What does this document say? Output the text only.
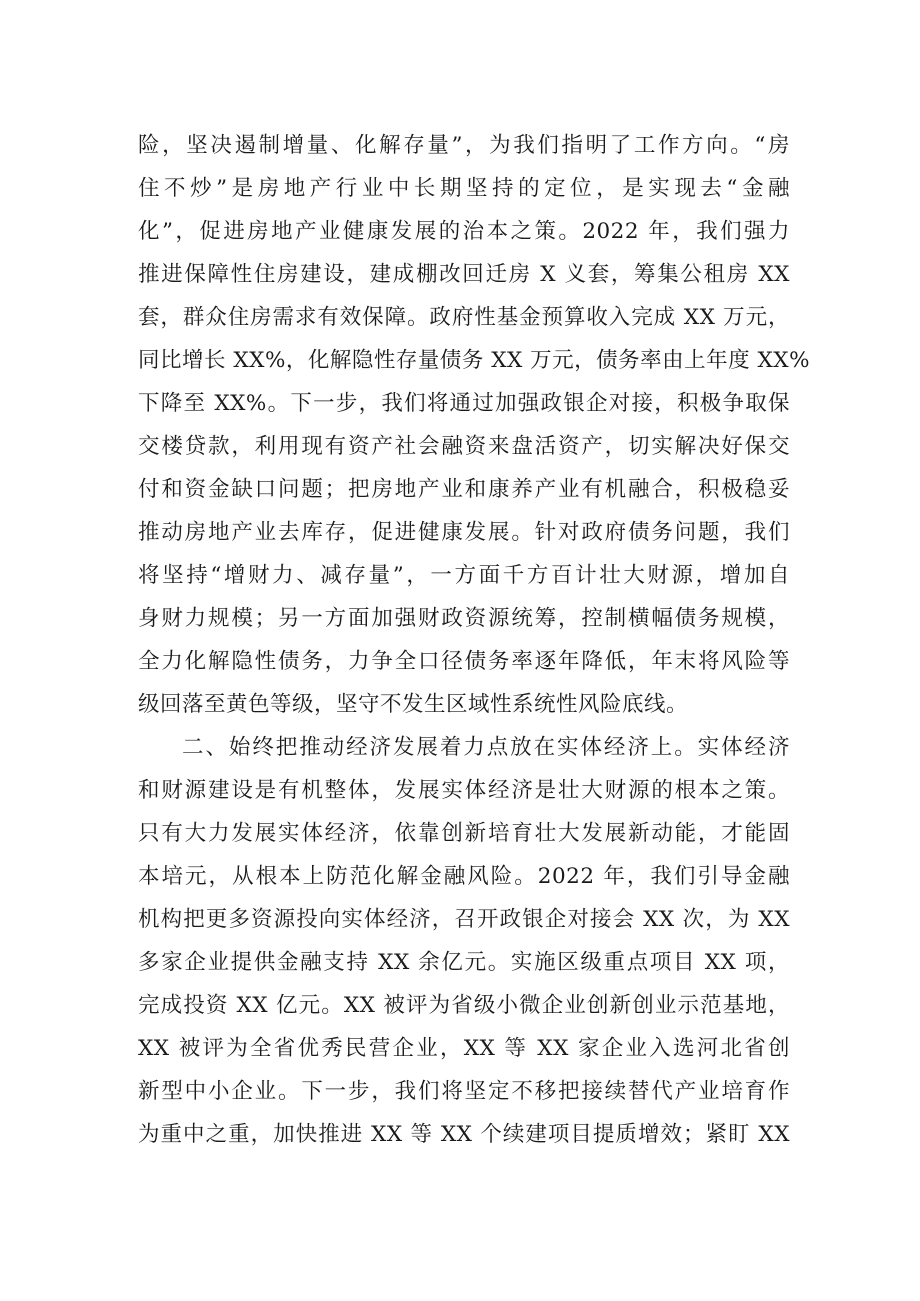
险，坚决遏制增量、化解存量”，为我们指明了工作方向。“房
住不炒”是房地产行业中长期坚持的定位，是实现去“金融
化”，促进房地产业健康发展的治本之策。2022 年，我们强力
推进保障性住房建设，建成棚改回迁房 X 义套，筹集公租房 XX
套，群众住房需求有效保障。政府性基金预算收入完成 XX 万元，
同比增长 XX%，化解隐性存量债务 XX 万元，债务率由上年度 XX%
下降至 XX%。下一步，我们将通过加强政银企对接，积极争取保
交楼贷款，利用现有资产社会融资来盘活资产，切实解决好保交
付和资金缺口问题；把房地产业和康养产业有机融合，积极稳妥
推动房地产业去库存，促进健康发展。针对政府债务问题，我们
将坚持“增财力、减存量”，一方面千方百计壮大财源，增加自
身财力规模；另一方面加强财政资源统筹，控制横幅债务规模，
全力化解隐性债务，力争全口径债务率逐年降低，年末将风险等
级回落至黄色等级，坚守不发生区域性系统性风险底线。
二、始终把推动经济发展着力点放在实体经济上。实体经济
和财源建设是有机整体，发展实体经济是壮大财源的根本之策。
只有大力发展实体经济，依靠创新培育壮大发展新动能，才能固
本培元，从根本上防范化解金融风险。2022 年，我们引导金融
机构把更多资源投向实体经济，召开政银企对接会 XX 次，为 XX
多家企业提供金融支持 XX 余亿元。实施区级重点项目 XX 项，
完成投资 XX 亿元。XX 被评为省级小微企业创新创业示范基地，
XX 被评为全省优秀民营企业，XX 等 XX 家企业入选河北省创
新型中小企业。下一步，我们将坚定不移把接续替代产业培育作
为重中之重，加快推进 XX 等 XX 个续建项目提质增效；紧盯 XX
